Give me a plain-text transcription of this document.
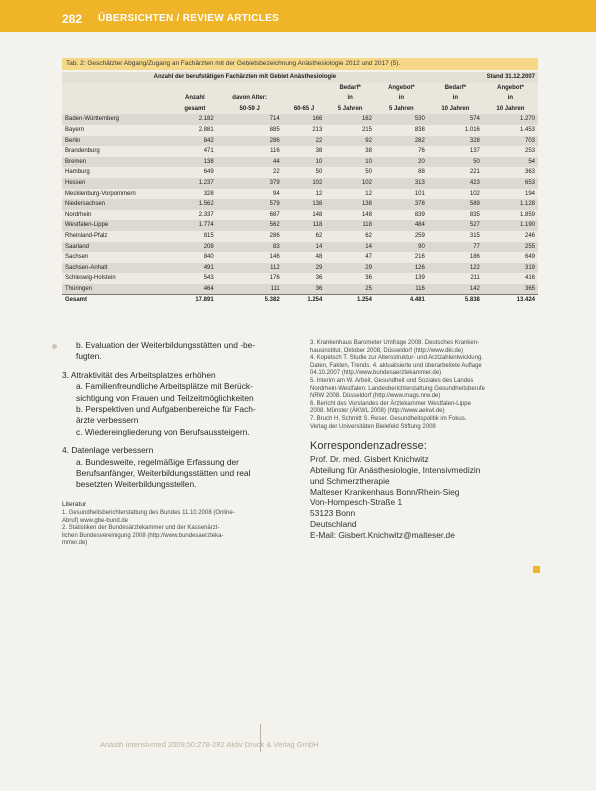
282 ÜBERSICHTEN / REVIEW ARTICLES
Tab. 2: Geschätzter Abgang/Zugang an Fachärzten mit der Gebietsbezeichnung Anästhesiologie 2012 und 2017 (5).
Anzahl der berufstätigen Fachärzten mit Gebiet Anästhesiologie						Stand 31.12.2007	
				Bedarf*	Angebot*	Bedarf*	Angebot*
	Anzahl	davon Alter:		in	in	in	in
	gesamt	50-59 J	60-65 J	5 Jahren	5 Jahren	10 Jahren	10 Jahren
Baden-Württemberg	2.182	714	166	162	530	574	1.270
Bayern	2.881	885	213	215	838	1.016	1.453
Berlin	842	286	22	92	282	328	703
Brandenburg	471	116	38	38	76	137	253
Bremen	138	44	10	10	20	50	54
Hamburg	649	22	50	50	88	221	363
Hessen	1.237	379	102	102	313	423	653
Mecklenburg-Vorpommern	328	94	12	12	101	102	194
Niedersachsen	1.562	579	138	138	378	589	1.128
Nordrhein	2.337	687	148	148	839	835	1.859
Westfalen-Lippe	1.774	562	118	118	484	527	1.190
Rheinland-Pfalz	815	286	62	62	259	315	246
Saarland	208	83	14	14	90	77	255
Sachsen	840	146	48	47	216	186	649
Sachsen-Anhalt	491	112	29	29	126	122	319
Schleswig-Holstein	543	176	36	36	139	211	416
Thüringen	464	111	36	25	116	142	365
Gesamt	17.891	5.382	1.254	1.254	4.481	5.838	13.424
b. Evaluation der Weiterbildungsstätten und -be-
fugten.
3. Attraktivität des Arbeitsplatzes erhöhen
a. Familienfreundliche Arbeitsplätze mit Berück-
sichtigung von Frauen und Teilzeitmöglichkeiten
b. Perspektiven und Aufgabenbereiche für Fach-
ärzte verbessern
c. Wiedereingliederung von Berufsaussteigern.
4. Datenlage verbessern
a. Bundesweite, regelmäßige Erfassung der
Berufsanfänger, Weiterbildungsstätten und real
besetzten Weiterbildungsstellen.
Literatur
1. Gesundheitsberichterstattung des Bundes 11.10.2008 (Online-
Abruf) www.gbe-bund.de
2. Statistiken der Bundesärztekammer und der Kassenärzt-
lichen Bundesvereinigung 2008 (http://www.bundesaerzteka-
mmer.de)
3. Krankenhaus Barometer Umfrage 2008. Deutsches Kranken-
hausinstitut, Oktober 2008, Düsseldorf (http://www.dki.de)
4. Kopetsch T. Studie zur Altersstruktur- und Arztzahlentwicklung.
Daten, Fakten, Trends. 4. aktualisierte und überarbeitete Auflage
04.10.2007 (http://www.bundesaerztekammer.de)
5. Interim am W. Arbeit, Gesundheit und Soziales des Landes
Nordrhein-Westfalen: Landesberichterstattung Gesundheitsberufe
NRW 2008. Düsseldorf (http://www.mags.nrw.de)
6. Bericht des Vorstandes der Ärztekammer Westfalen-Lippe
2008. Münster (ÄKWL 2008) (http://www.aekwl.de)
7. Bruch H, Schmitt S. Reser. Gesundheitspolitik im Fokus.
Verlag der Universitäten Bielefeld Stiftung 2008
Korrespondenzadresse:
Prof. Dr. med. Gisbert Knichwitz
Abteilung für Anästhesiologie, Intensivmedizin
und Schmerztherapie
Malteser Krankenhaus Bonn/Rhein-Sieg
Von-Hompesch-Straße 1
53123 Bonn
Deutschland
E-Mail: Gisbert.Knichwitz@malteser.de
Anästh Intensivmed 2009;50:278-282 Aktiv Druck & Verlag GmbH
